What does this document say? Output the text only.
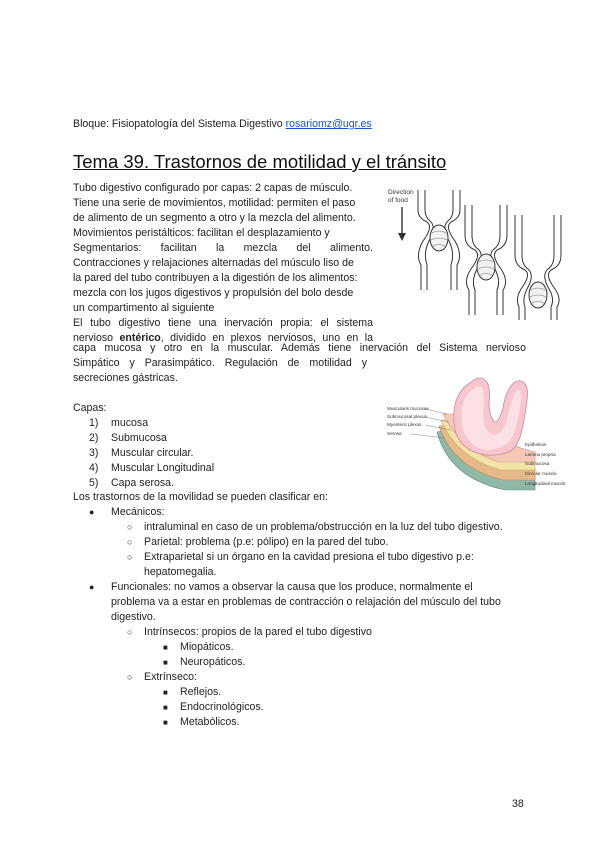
Bloque: Fisiopatología del Sistema Digestivo rosariomz@ugr.es
Tema 39. Trastornos de motilidad y el tránsito
Tubo digestivo configurado por capas: 2 capas de músculo.
Tiene una serie de movimientos, motilidad: permiten el paso
de alimento de un segmento a otro y la mezcla del alimento.
Movimientos peristálticos: facilitan el desplazamiento y
Segmentarios: facilitan la mezcla del alimento.
Contracciones y relajaciones alternadas del músculo liso de
la pared del tubo contribuyen a la digestión de los alimentos:
mezcla con los jugos digestivos y propulsión del bolo desde
un compartimento al siguiente
El tubo digestivo tiene una inervación propia: el sistema
nervioso entérico, dividido en plexos nerviosos, uno en la
capa mucosa y otro en la muscular. Además tiene inervación del Sistema nervioso
Simpático y Parasimpático. Regulación de motilidad y
secreciones gástricas.
Direction
of food
Muscularis mucosae
Submucosal plexus
Myenteric plexus
Serosa
Epithelium
Lamina propria
Submucosa
Circular muscle
Longitudinal muscle
Capas:
1) mucosa
2) Submucosa
3) Muscular circular.
4) Muscular Longitudinal
5) Capa serosa.
Los trastornos de la movilidad se pueden clasificar en:
● Mecánicos:
○ intraluminal en caso de un problema/obstrucción en la luz del tubo digestivo.
○ Parietal: problema (p.e: pólipo) en la pared del tubo.
○ Extraparietal si un órgano en la cavidad presiona el tubo digestivo p.e:
hepatomegalia.
● Funcionales: no vamos a observar la causa que los produce, normalmente el
problema va a estar en problemas de contracción o relajación del músculo del tubo
digestivo.
○ Intrínsecos: propios de la pared el tubo digestivo
■ Miopáticos.
■ Neuropáticos.
○ Extrínseco:
■ Reflejos.
■ Endocrinológicos.
■ Metabólicos.
38
